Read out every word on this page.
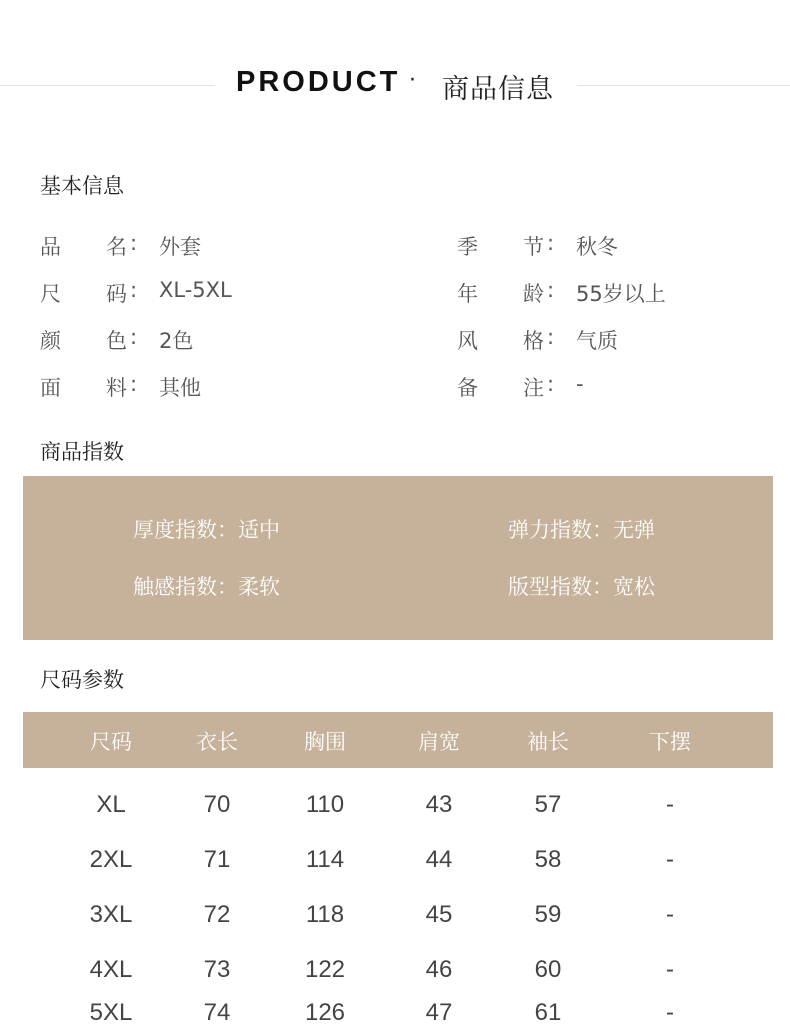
PRODUCT · 商品信息
基本信息
品 名 : 外套
尺 码 : XL-5XL
颜 色 : 2色
面 料 : 其他
季 节 : 秋冬
年 龄 : 55岁以上
风 格 : 气质
备 注 : -
商品指数
厚度指数：适中	弹力指数：无弹
触感指数：柔软	版型指数：宽松
尺码参数
尺码	衣长	胸围	肩宽	袖长	下摆
XL	70	110	43	57	-
2XL	71	114	44	58	-
3XL	72	118	45	59	-
4XL	73	122	46	60	-
5XL	74	126	47	61	-
